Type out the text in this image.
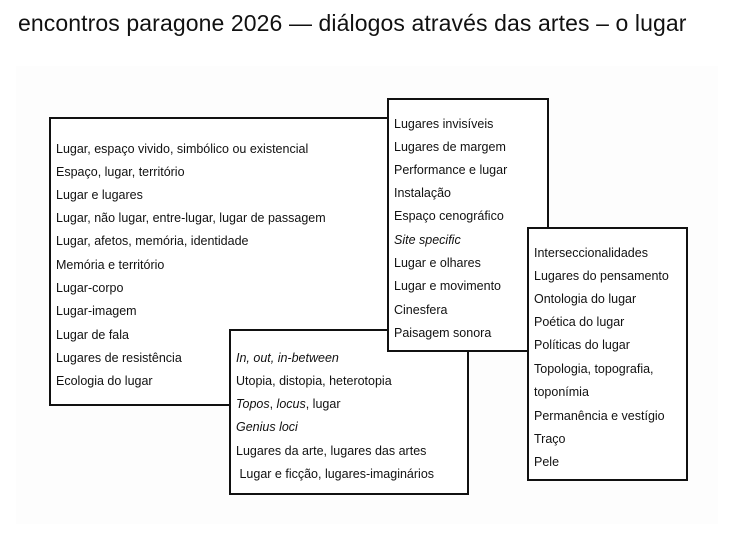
encontros paragone 2026 — diálogos através das artes – o lugar
Lugar, espaço vivido, simbólico ou existencial
Espaço, lugar, território
Lugar e lugares
Lugar, não lugar, entre-lugar, lugar de passagem
Lugar, afetos, memória, identidade
Memória e território
Lugar-corpo
Lugar-imagem
Lugar de fala
Lugares de resistência
Ecologia do lugar
In, out, in-between
Utopia, distopia, heterotopia
Topos, locus, lugar
Genius loci
Lugares da arte, lugares das artes
Lugar e ficção, lugares-imaginários
Lugares invisíveis
Lugares de margem
Performance e lugar
Instalação
Espaço cenográfico
Site specific
Lugar e olhares
Lugar e movimento
Cinesfera
Paisagem sonora
Interseccionalidades
Lugares do pensamento
Ontologia do lugar
Poética do lugar
Políticas do lugar
Topologia, topografia,
toponímia
Permanência e vestígio
Traço
Pele
